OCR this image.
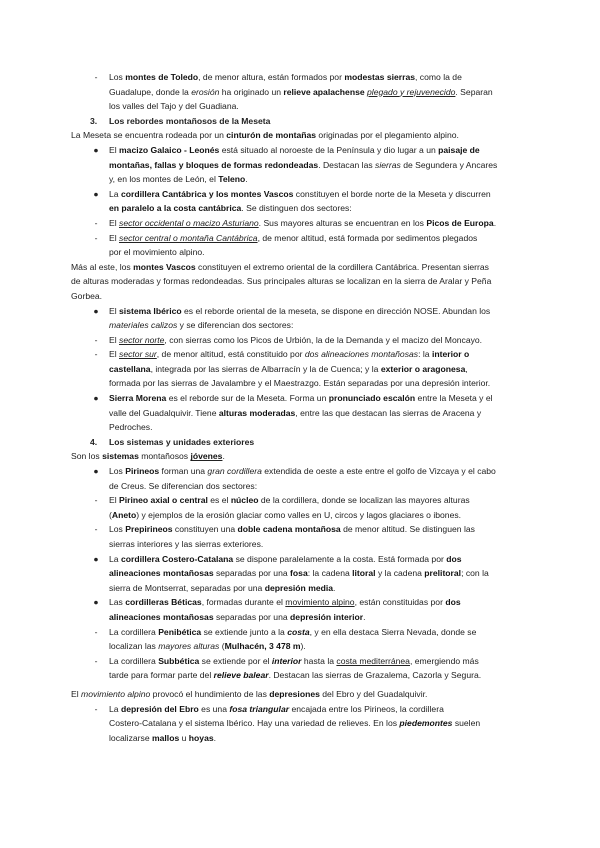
-	Los montes de Toledo, de menor altura, están formados por modestas sierras, como la de
Guadalupe, donde la erosión ha originado un relieve apalachense plegado y rejuvenecido. Separan
los valles del Tajo y del Guadiana.
3. Los rebordes montañosos de la Meseta
La Meseta se encuentra rodeada por un cinturón de montañas originadas por el plegamiento alpino.
●	El macizo Galaico - Leonés está situado al noroeste de la Península y dio lugar a un paisaje de
montañas, fallas y bloques de formas redondeadas. Destacan las sierras de Segundera y Ancares
y, en los montes de León, el Teleno.
●	La cordillera Cantábrica y los montes Vascos constituyen el borde norte de la Meseta y discurren
en paralelo a la costa cantábrica. Se distinguen dos sectores:
-	El sector occidental o macizo Asturiano. Sus mayores alturas se encuentran en los Picos de Europa.
-	El sector central o montaña Cantábrica, de menor altitud, está formada por sedimentos plegados
por el movimiento alpino.
Más al este, los montes Vascos constituyen el extremo oriental de la cordillera Cantábrica. Presentan sierras
de alturas moderadas y formas redondeadas. Sus principales alturas se localizan en la sierra de Aralar y Peña
Gorbea.
●	El sistema Ibérico es el reborde oriental de la meseta, se dispone en dirección NOSE. Abundan los
materiales calizos y se diferencian dos sectores:
-	El sector norte, con sierras como los Picos de Urbión, la de la Demanda y el macizo del Moncayo.
-	El sector sur, de menor altitud, está constituido por dos alineaciones montañosas: la interior o
castellana, integrada por las sierras de Albarracín y la de Cuenca; y la exterior o aragonesa,
formada por las sierras de Javalambre y el Maestrazgo. Están separadas por una depresión interior.
●	Sierra Morena es el reborde sur de la Meseta. Forma un pronunciado escalón entre la Meseta y el
valle del Guadalquivir. Tiene alturas moderadas, entre las que destacan las sierras de Aracena y
Pedroches.
4. Los sistemas y unidades exteriores
Son los sistemas montañosos jóvenes.
●	Los Pirineos forman una gran cordillera extendida de oeste a este entre el golfo de Vizcaya y el cabo
de Creus. Se diferencian dos sectores:
-	El Pirineo axial o central es el núcleo de la cordillera, donde se localizan las mayores alturas
(Aneto) y ejemplos de la erosión glaciar como valles en U, circos y lagos glaciares o ibones.
-	Los Prepirineos constituyen una doble cadena montañosa de menor altitud. Se distinguen las
sierras interiores y las sierras exteriores.
●	La cordillera Costero-Catalana se dispone paralelamente a la costa. Está formada por dos
alineaciones montañosas separadas por una fosa: la cadena litoral y la cadena prelitoral; con la
sierra de Montserrat, separadas por una depresión media.
●	Las cordilleras Béticas, formadas durante el movimiento alpino, están constituidas por dos
alineaciones montañosas separadas por una depresión interior.
-	La cordillera Penibética se extiende junto a la costa, y en ella destaca Sierra Nevada, donde se
localizan las mayores alturas (Mulhacén, 3 478 m).
-	La cordillera Subbética se extiende por el interior hasta la costa mediterránea, emergiendo más
tarde para formar parte del relieve balear. Destacan las sierras de Grazalema, Cazorla y Segura.
El movimiento alpino provocó el hundimiento de las depresiones del Ebro y del Guadalquivir.
-	La depresión del Ebro es una fosa triangular encajada entre los Pirineos, la cordillera
Costero-Catalana y el sistema Ibérico. Hay una variedad de relieves. En los piedemontes suelen
localizarse mallos u hoyas.
